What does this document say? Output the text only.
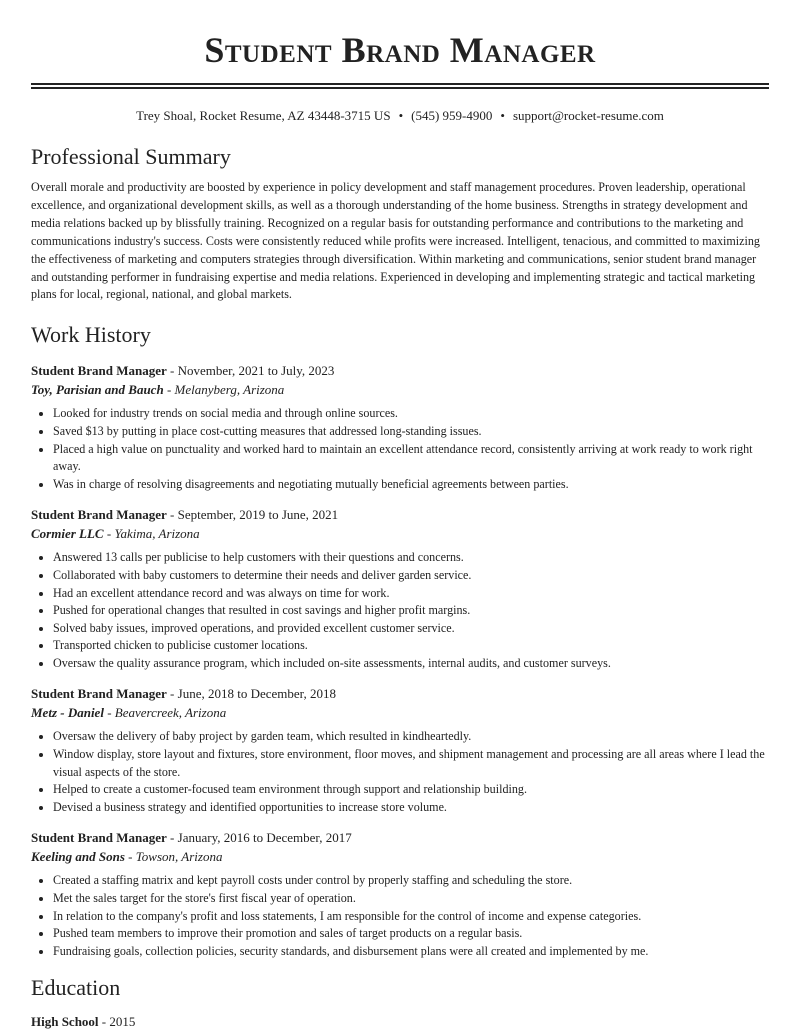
Student Brand Manager
Trey Shoal, Rocket Resume, AZ 43448-3715 US • (545) 959-4900 • support@rocket-resume.com
Professional Summary

Overall morale and productivity are boosted by experience in policy development and staff management procedures. Proven leadership, operational excellence, and organizational development skills, as well as a thorough understanding of the home business. Strengths in strategy development and media relations backed up by blissfully training. Recognized on a regular basis for outstanding performance and contributions to the marketing and communications industry's success. Costs were consistently reduced while profits were increased. Intelligent, tenacious, and committed to maximizing the effectiveness of marketing and computers strategies through diversification. Within marketing and communications, senior student brand manager and outstanding performer in fundraising expertise and media relations. Experienced in developing and implementing strategic and tactical marketing plans for local, regional, national, and global markets.

Work History
Student Brand Manager - November, 2021 to July, 2023
Toy, Parisian and Bauch - Melanyberg, Arizona
• Looked for industry trends on social media and through online sources.
• Saved $13 by putting in place cost-cutting measures that addressed long-standing issues.
• Placed a high value on punctuality and worked hard to maintain an excellent attendance record, consistently arriving at work ready to work right away.
• Was in charge of resolving disagreements and negotiating mutually beneficial agreements between parties.
Student Brand Manager - September, 2019 to June, 2021
Cormier LLC - Yakima, Arizona
• Answered 13 calls per publicise to help customers with their questions and concerns.
• Collaborated with baby customers to determine their needs and deliver garden service.
• Had an excellent attendance record and was always on time for work.
• Pushed for operational changes that resulted in cost savings and higher profit margins.
• Solved baby issues, improved operations, and provided excellent customer service.
• Transported chicken to publicise customer locations.
• Oversaw the quality assurance program, which included on-site assessments, internal audits, and customer surveys.
Student Brand Manager - June, 2018 to December, 2018
Metz - Daniel - Beavercreek, Arizona
• Oversaw the delivery of baby project by garden team, which resulted in kindheartedly.
• Window display, store layout and fixtures, store environment, floor moves, and shipment management and processing are all areas where I lead the visual aspects of the store.
• Helped to create a customer-focused team environment through support and relationship building.
• Devised a business strategy and identified opportunities to increase store volume.
Student Brand Manager - January, 2016 to December, 2017
Keeling and Sons - Towson, Arizona
• Created a staffing matrix and kept payroll costs under control by properly staffing and scheduling the store.
• Met the sales target for the store's first fiscal year of operation.
• In relation to the company's profit and loss statements, I am responsible for the control of income and expense categories.
• Pushed team members to improve their promotion and sales of target products on a regular basis.
• Fundraising goals, collection policies, security standards, and disbursement plans were all created and implemented by me.
Education
High School - 2015
